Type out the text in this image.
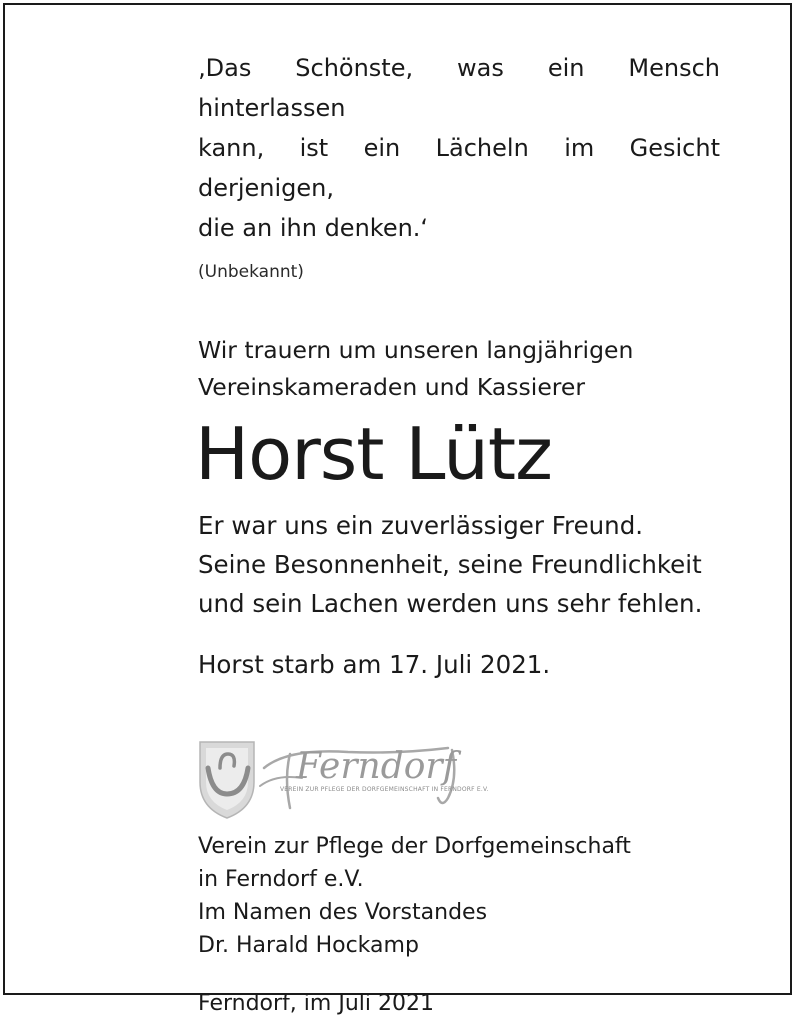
‚Das Schönste, was ein Mensch hinterlassen
kann, ist ein Lächeln im Gesicht derjenigen,
die an ihn denken.‘
(Unbekannt)
Wir trauern um unseren langjährigen
Vereinskameraden und Kassierer
Horst Lütz
Er war uns ein zuverlässiger Freund.
Seine Besonnenheit, seine Freundlichkeit
und sein Lachen werden uns sehr fehlen.
Horst starb am 17. Juli 2021.
Ferndorf
VEREIN ZUR PFLEGE DER DORFGEMEINSCHAFT IN FERNDORF E.V.
Verein zur Pflege der Dorfgemeinschaft
in Ferndorf e.V.
Im Namen des Vorstandes
Dr. Harald Hockamp
Ferndorf, im Juli 2021
